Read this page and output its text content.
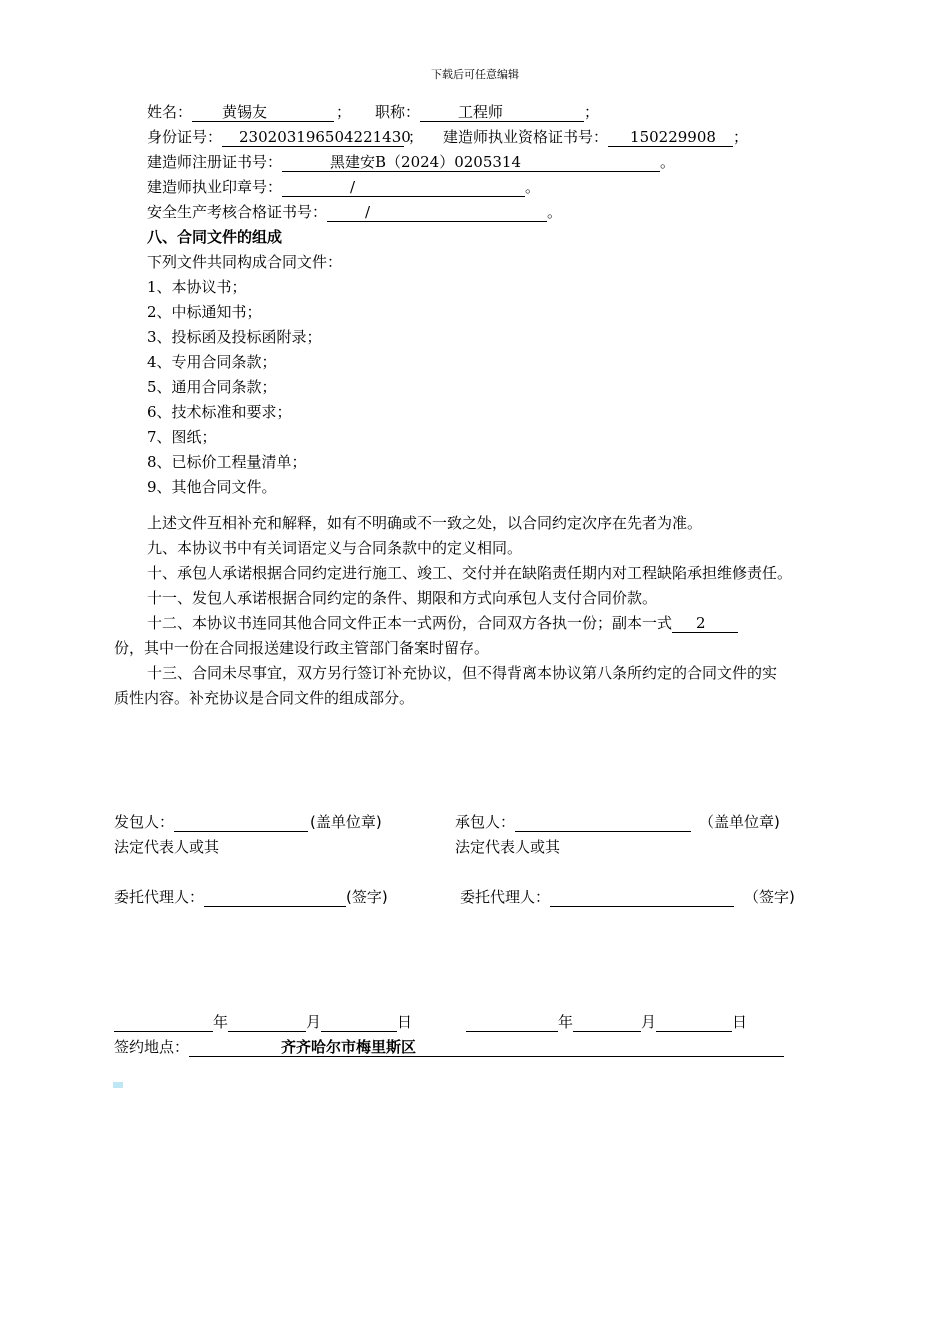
下载后可任意编辑
姓名： 黄锡友	； 职称：	工程师	；
身份证号： 230203196504221430； 建造师执业资格证书号： 150229908 ；
建造师注册证书号：	黑建安B（2024）0205314	。
建造师执业印章号：	/	。
安全生产考核合格证书号：	/	。
八、合同文件的组成
下列文件共同构成合同文件：
1、本协议书；
2、中标通知书；
3、投标函及投标函附录；
4、专用合同条款；
5、通用合同条款；
6、技术标准和要求；
7、图纸；
8、已标价工程量清单；
9、其他合同文件。
上述文件互相补充和解释，如有不明确或不一致之处，以合同约定次序在先者为准。
九、本协议书中有关词语定义与合同条款中的定义相同。
十、承包人承诺根据合同约定进行施工、竣工、交付并在缺陷责任期内对工程缺陷承担维修责任。
十一、发包人承诺根据合同约定的条件、期限和方式向承包人支付合同价款。
十二、本协议书连同其他合同文件正本一式两份，合同双方各执一份；副本一式 2
份，其中一份在合同报送建设行政主管部门备案时留存。
十三、合同未尽事宜，双方另行签订补充协议，但不得背离本协议第八条所约定的合同文件的实
质性内容。补充协议是合同文件的组成部分。
发包人：	(盖单位章)	承包人：	（盖单位章)
法定代表人或其	法定代表人或其
委托代理人：	(签字)	委托代理人：	（签字)
年	月	日	年	月	日
签约地点：	齐齐哈尔市梅里斯区
